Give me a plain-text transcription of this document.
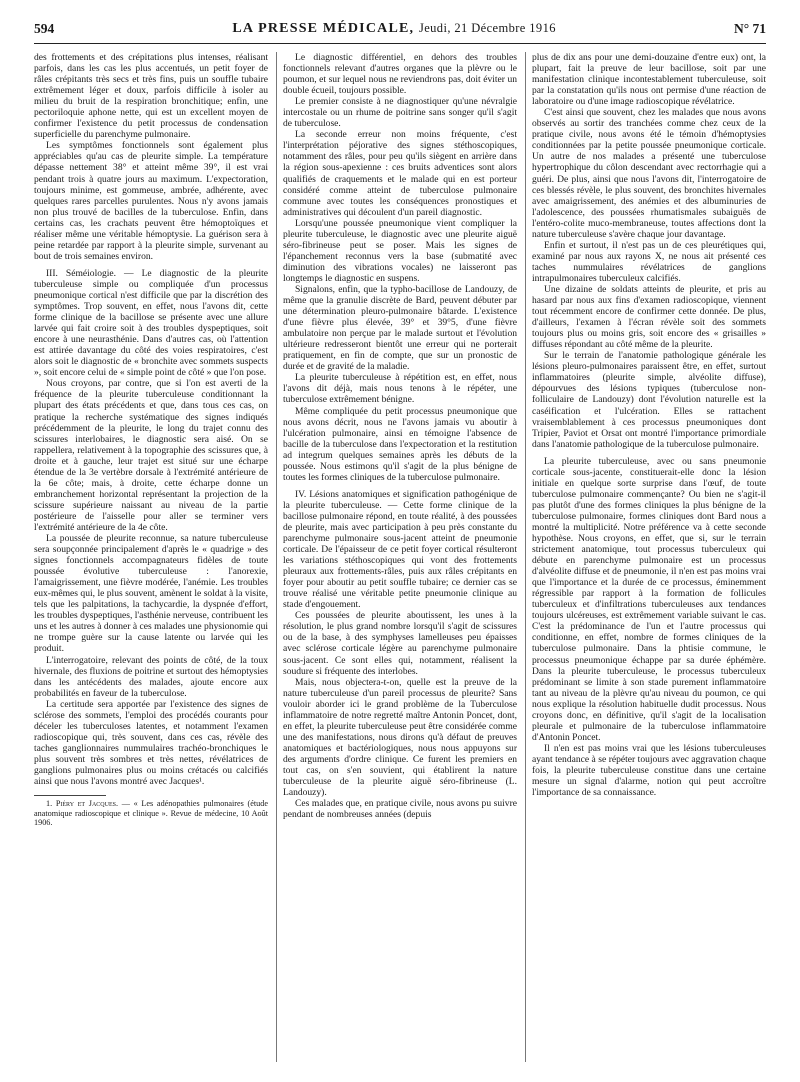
594	LA PRESSE MÉDICALE, Jeudi, 21 Décembre 1916	N° 71

des frottements et des crépitations plus intenses, réalisant parfois, dans les cas les plus accentués, un petit foyer de râles crépitants très secs et très fins, puis un souffle tubaire extrêmement léger et doux, parfois difficile à isoler au milieu du bruit de la respiration bronchitique; enfin, une pectoriloquie aphone nette, qui est un excellent moyen de confirmer l'existence du petit processus de condensation superficielle du parenchyme pulmonaire.

Les symptômes fonctionnels sont également plus appréciables qu'au cas de pleurite simple. La température dépasse nettement 38° et atteint même 39°, il est vrai pendant trois à quatre jours au maximum. L'expectoration, toujours minime, est gommeuse, ambrée, adhérente, avec quelques rares parcelles purulentes. Nous n'y avons jamais non plus trouvé de bacilles de la tuberculose. Enfin, dans certains cas, les crachats peuvent être hémoptoïques et réaliser même une véritable hémoptysie. La guérison sera à peine retardée par rapport à la pleurite simple, survenant au bout de trois semaines environ.

III. Séméiologie. — Le diagnostic de la pleurite tuberculeuse simple ou compliquée d'un processus pneumonique cortical n'est difficile que par la discrétion des symptômes. Trop souvent, en effet, nous l'avons dit, cette forme clinique de la bacillose se présente avec une allure larvée qui fait croire soit à des troubles dyspeptiques, soit encore à une neurasthénie. Dans d'autres cas, où l'attention est attirée davantage du côté des voies respiratoires, c'est alors soit le diagnostic de « bronchite avec sommets suspects », soit encore celui de « simple point de côté » que l'on pose.

Nous croyons, par contre, que si l'on est averti de la fréquence de la pleurite tuberculeuse conditionnant la plupart des états précédents et que, dans tous ces cas, on pratique la recherche systématique des signes indiqués précédemment de la pleurite, le long du trajet connu des scissures interlobaires, le diagnostic sera aisé. On se rappellera, relativement à la topographie des scissures que, à droite et à gauche, leur trajet est situé sur une écharpe étendue de la 3e vertèbre dorsale à l'extrémité antérieure de la 6e côte; mais, à droite, cette écharpe donne un embranchement horizontal représentant la projection de la scissure supérieure naissant au niveau de la partie postérieure de l'aisselle pour aller se terminer vers l'extrémité antérieure de la 4e côte.

La poussée de pleurite reconnue, sa nature tuberculeuse sera soupçonnée principalement d'après le « quadrige » des signes fonctionnels accompagnateurs fidèles de toute poussée évolutive tuberculeuse : l'anorexie, l'amaigrissement, une fièvre modérée, l'anémie. Les troubles eux-mêmes qui, le plus souvent, amènent le soldat à la visite, tels que les palpitations, la tachycardie, la dyspnée d'effort, les troubles dyspeptiques, l'asthénie nerveuse, contribuent les uns et les autres à donner à ces malades une physionomie qui ne trompe guère sur la cause latente ou larvée qui les produit.

L'interrogatoire, relevant des points de côté, de la toux hivernale, des fluxions de poitrine et surtout des hémoptysies dans les antécédents des malades, ajoute encore aux probabilités en faveur de la tuberculose.

La certitude sera apportée par l'existence des signes de sclérose des sommets, l'emploi des procédés courants pour déceler les tuberculoses latentes, et notamment l'examen radioscopique qui, très souvent, dans ces cas, révèle des taches ganglionnaires nummulaires trachéo-bronchiques le plus souvent très sombres et très nettes, révélatrices de ganglions pulmonaires plus ou moins crétacés ou calcifiés ainsi que nous l'avons montré avec Jacques¹.

1. Piéry et Jacques. — « Les adénopathies pulmonaires (étude anatomique radioscopique et clinique ». Revue de médecine, 10 Août 1906.

Le diagnostic différentiel, en dehors des troubles fonctionnels relevant d'autres organes que la plèvre ou le poumon, et sur lequel nous ne reviendrons pas, doit éviter un double écueil, toujours possible.

Le premier consiste à ne diagnostiquer qu'une névralgie intercostale ou un rhume de poitrine sans songer qu'il s'agit de tuberculose.

La seconde erreur non moins fréquente, c'est l'interprétation péjorative des signes stéthoscopiques, notamment des râles, pour peu qu'ils siègent en arrière dans la région sous-apexienne : ces bruits adventices sont alors qualifiés de craquements et le malade qui en est porteur considéré comme atteint de tuberculose pulmonaire commune avec toutes les conséquences pronostiques et administratives qui découlent d'un pareil diagnostic.

Lorsqu'une poussée pneumonique vient compliquer la pleurite tuberculeuse, le diagnostic avec une pleurite aiguë séro-fibrineuse peut se poser. Mais les signes de l'épanchement reconnus vers la base (submatité avec diminution des vibrations vocales) ne laisseront pas longtemps le diagnostic en suspens.

Signalons, enfin, que la typho-bacillose de Landouzy, de même que la granulie discrète de Bard, peuvent débuter par une détermination pleuro-pulmonaire bâtarde. L'existence d'une fièvre plus élevée, 39° et 39°5, d'une fièvre ambulatoire non perçue par le malade surtout et l'évolution ultérieure redresseront bientôt une erreur qui ne porterait pratiquement, en fin de compte, que sur un pronostic de durée et de gravité de la maladie.

La pleurite tuberculeuse à répétition est, en effet, nous l'avons dit déjà, mais nous tenons à le répéter, une tuberculose extrêmement bénigne.

Même compliquée du petit processus pneumonique que nous avons décrit, nous ne l'avons jamais vu aboutir à l'ulcération pulmonaire, ainsi en témoigne l'absence de bacille de la tuberculose dans l'expectoration et la restitution ad integrum quelques semaines après les débuts de la poussée. Nous estimons qu'il s'agit de la plus bénigne de toutes les formes cliniques de la tuberculose pulmonaire.

IV. Lésions anatomiques et signification pathogénique de la pleurite tuberculeuse. — Cette forme clinique de la bacillose pulmonaire répond, en toute réalité, à des poussées de pleurite, mais avec participation à peu près constante du parenchyme pulmonaire sous-jacent atteint de pneumonie corticale. De l'épaisseur de ce petit foyer cortical résulteront les variations stéthoscopiques qui vont des frottements pleuraux aux frottements-râles, puis aux râles crépitants en foyer pour aboutir au petit souffle tubaire; ce dernier cas se trouve réalisé une véritable petite pneumonie clinique au stade d'engouement.

Ces poussées de pleurite aboutissent, les unes à la résolution, le plus grand nombre lorsqu'il s'agit de scissures ou de la base, à des symphyses lamelleuses peu épaisses avec sclérose corticale légère au parenchyme pulmonaire sous-jacent. Ce sont elles qui, notamment, réalisent la soudure si fréquente des interlobes.

Mais, nous objectera-t-on, quelle est la preuve de la nature tuberculeuse d'un pareil processus de pleurite? Sans vouloir aborder ici le grand problème de la Tuberculose inflammatoire de notre regretté maître Antonin Poncet, dont, en effet, la pleurite tuberculeuse peut être considérée comme une des manifestations, nous dirons qu'à défaut de preuves anatomiques et bactériologiques, nous nous appuyons sur des arguments d'ordre clinique. Ce furent les premiers en tout cas, on s'en souvient, qui établirent la nature tuberculeuse de la pleurite aiguë séro-fibrineuse (L. Landouzy).

Ces malades que, en pratique civile, nous avons pu suivre pendant de nombreuses années (depuis

plus de dix ans pour une demi-douzaine d'entre eux) ont, la plupart, fait la preuve de leur bacillose, soit par une manifestation clinique incontestablement tuberculeuse, soit par la constatation qu'ils nous ont permise d'une réaction de laboratoire ou d'une image radioscopique révélatrice.

C'est ainsi que souvent, chez les malades que nous avons observés au sortir des tranchées comme chez ceux de la pratique civile, nous avons été le témoin d'hémoptysies conditionnées par la petite poussée pneumonique corticale. Un autre de nos malades a présenté une tuberculose hypertrophique du côlon descendant avec rectorrhagie qui a guéri. De plus, ainsi que nous l'avons dit, l'interrogatoire de ces blessés révèle, le plus souvent, des bronchites hivernales avec amaigrissement, des anémies et des albuminuries de l'adolescence, des poussées rhumatismales subaiguës de l'entéro-colite muco-membraneuse, toutes affections dont la nature tuberculeuse s'avère chaque jour davantage.

Enfin et surtout, il n'est pas un de ces pleurétiques qui, examiné par nous aux rayons X, ne nous ait présenté ces taches nummulaires révélatrices de ganglions intrapulmonaires tuberculeux calcifiés.

Une dizaine de soldats atteints de pleurite, et pris au hasard par nous aux fins d'examen radioscopique, viennent tout récemment encore de confirmer cette donnée. De plus, d'ailleurs, l'examen à l'écran révèle soit des sommets toujours plus ou moins gris, soit encore des « grisailles » diffuses répondant au côté même de la pleurite.

Sur le terrain de l'anatomie pathologique générale les lésions pleuro-pulmonaires paraissent être, en effet, surtout inflammatoires (pleurite simple, alvéolite diffuse), dépourvues des lésions typiques (tuberculose non-folliculaire de Landouzy) dont l'évolution naturelle est la caséification et l'ulcération. Elles se rattachent vraisemblablement à ces processus pneumoniques dont Tripier, Paviot et Orsat ont montré l'importance primordiale dans l'anatomie pathologique de la tuberculose pulmonaire.

La pleurite tuberculeuse, avec ou sans pneumonie corticale sous-jacente, constituerait-elle donc la lésion initiale en quelque sorte surprise dans l'œuf, de toute tuberculose pulmonaire commençante? Ou bien ne s'agit-il pas plutôt d'une des formes cliniques la plus bénigne de la tuberculose pulmonaire, formes cliniques dont Bard nous a montré la multiplicité. Notre préférence va à cette seconde hypothèse. Nous croyons, en effet, que si, sur le terrain strictement anatomique, tout processus tuberculeux qui débute en parenchyme pulmonaire est un processus d'alvéolite diffuse et de pneumonie, il n'en est pas moins vrai que l'importance et la durée de ce processus, éminemment régressible par rapport à la formation de follicules tuberculeux et d'infiltrations tuberculeuses aux tendances toujours ulcéreuses, est extrêmement variable suivant le cas. C'est la prédominance de l'un et l'autre processus qui conditionne, en effet, nombre de formes cliniques de la tuberculose pulmonaire. Dans la phtisie commune, le processus pneumonique échappe par sa durée éphémère. Dans la pleurite tuberculeuse, le processus tuberculeux prédominant se limite à son stade purement inflammatoire tant au niveau de la plèvre qu'au niveau du poumon, ce qui nous explique la résolution habituelle dudit processus. Nous croyons donc, en définitive, qu'il s'agit de la localisation pleurale et pulmonaire de la tuberculose inflammatoire d'Antonin Poncet.

Il n'en est pas moins vrai que les lésions tuberculeuses ayant tendance à se répéter toujours avec aggravation chaque fois, la pleurite tuberculeuse constitue dans une certaine mesure un signal d'alarme, notion qui peut accroître l'importance de sa connaissance.
